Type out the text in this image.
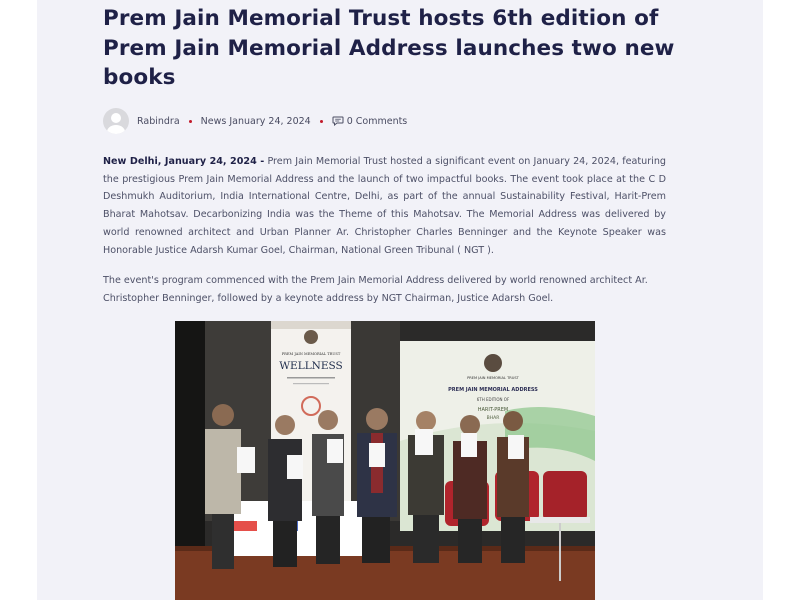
Prem Jain Memorial Trust hosts 6th edition of Prem Jain Memorial Address launches two new books
Rabindra News January 24, 2024	0 Comments

New Delhi, January 24, 2024 - Prem Jain Memorial Trust hosted a significant event on January 24, 2024, featuring the prestigious Prem Jain Memorial Address and the launch of two impactful books. The event took place at the C D Deshmukh Auditorium, India International Centre, Delhi, as part of the annual Sustainability Festival, Harit-Prem Bharat Mahotsav. Decarbonizing India was the Theme of this Mahotsav. The Memorial Address was delivered by world renowned architect and Urban Planner Ar. Christopher Charles Benninger and the Keynote Speaker was Honorable Justice Adarsh Kumar Goel, Chairman, National Green Tribunal ( NGT ).

The event's program commenced with the Prem Jain Memorial Address delivered by world renowned architect Ar. Christopher Benninger, followed by a keynote address by NGT Chairman, Justice Adarsh Goel.

PREM JAIN MEMORIAL TRUST
WELLNESS
PREM JAIN MEMORIAL TRUST
PREM JAIN MEMORIAL ADDRESS
6TH EDITION OF
HARIT-PREM
BHAR
